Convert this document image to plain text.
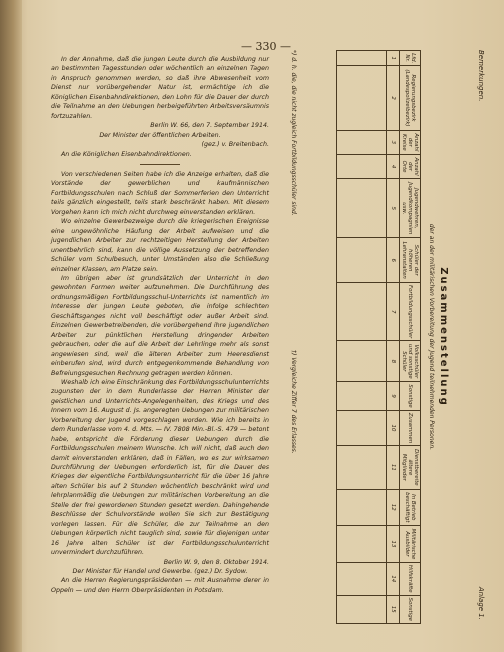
— 330 —

In der Annahme, daß die jungen Leute durch die Ausbildung nur an bestimmten Tagesstunden oder wöchentlich an einzelnen Tagen in Anspruch genommen werden, so daß ihre Abwesenheit vom Dienst nur vorübergehender Natur ist, ermächtige ich die Königlichen Eisenbahndirektionen, den Lohn für die Dauer der durch die Teilnahme an den Uebungen herbeigeführten Arbeitsversäumnis fortzuzahlen.

Berlin W. 66, den 7. September 1914.

Der Minister der öffentlichen Arbeiten.

(gez.) v. Breitenbach.

An die Königlichen Eisenbahndirektionen.

Von verschiedenen Seiten habe ich die Anzeige erhalten, daß die Vorstände der gewerblichen und kaufmännischen Fortbildungsschulen nach Schluß der Sommerferien den Unterricht teils gänzlich eingestellt, teils stark beschränkt haben. Mit diesem Vorgehen kann ich mich nicht durchweg einverstanden erklären.

Wo einzelne Gewerbezweige durch die kriegerischen Ereignisse eine ungewöhnliche Häufung der Arbeit aufweisen und die jugendlichen Arbeiter zur rechtzeitigen Herstellung der Arbeiten unentbehrlich sind, kann die völlige Aussetzung der betreffenden Schüler vom Schulbesuch, unter Umständen also die Schließung einzelner Klassen, am Platze sein.

Im übrigen aber ist grundsätzlich der Unterricht in den gewohnten Formen weiter aufzunehmen. Die Durchführung des ordnungsmäßigen Fortbildungsschul-Unterrichts ist namentlich im Interesse der jungen Leute geboten, die infolge schlechten Geschäftsganges nicht voll beschäftigt oder außer Arbeit sind. Einzelnen Gewerbetreibenden, die vorübergehend ihre jugendlichen Arbeiter zur pünktlichen Herstellung dringender Arbeiten gebrauchen, oder die auf die Arbeit der Lehrlinge mehr als sonst angewiesen sind, weil die älteren Arbeiter zum Heeresdienst einberufen sind, wird durch entgegenkommende Behandlung von Befreiungsgesuchen Rechnung getragen werden können.

Weshalb ich eine Einschränkung des Fortbildungsschulunterrichts zugunsten der in dem Runderlasse der Herren Minister der geistlichen und Unterrichts-Angelegenheiten, des Kriegs und des Innern vom 16. August d. Js. angeregten Uebungen zur militärischen Vorbereitung der Jugend vorgeschlagen worden. Wie ich bereits in dem Runderlasse vom 4. d. Mts. — IV. 7808 Min.-Bl.-S. 479 — betont habe, entspricht die Förderung dieser Uebungen durch die Fortbildungsschulen meinem Wunsche. Ich will nicht, daß auch den damit einverstanden erklären, daß in Fällen, wo es zur wirksamen Durchführung der Uebungen erforderlich ist, für die Dauer des Krieges der eigentliche Fortbildungsunterricht für die über 16 Jahre alten Schüler bis auf 2 Stunden wöchentlich beschränkt wird und lehrplanmäßig die Uebungen zur militärischen Vorbereitung an die Stelle der frei gewordenen Stunden gesetzt werden. Dahingehende Beschlüsse der Schulvorstände wollen Sie sich zur Bestätigung vorlegen lassen. Für die Schüler, die zur Teilnahme an den Uebungen körperlich nicht tauglich sind, sowie für diejenigen unter 16 Jahre alten Schüler ist der Fortbildungsschulunterricht unvermindert durchzuführen.

Berlin W. 9, den 8. Oktober 1914.

Der Minister für Handel und Gewerbe. (gez.) Dr. Sydow.

An die Herren Regierungspräsidenten — mit Ausnahme derer in Oppeln — und den Herrn Oberpräsidenten in Potsdam.

Bemerkungen.
Anlage 1.
Zusammenstellung
der an der militärischen Vorbereitung der Jugend teilnehmenden Personen.
Lfd. Nr.	Regierungsbezirk (Landespolizeibezirk)	Anzahl der Kreise	Anzahl der Orte	Jugendwehren, Jugendkompagnien usw.	Schüler der höheren Lehranstalten	Fortbildungsschüler	Volksschüler und sonstige Schüler	Sonstige	Zusammen	Dienstbereite ältere Mitglieder	In Betrieb beschäftigt	Militärische Ausbilder	Hilfskräfte	Sonstige
1	2	3	4	5	6	7	8	9	10	11	12	13	14	15

*) d. h. die, die nicht zugleich Fortbildungsschüler sind.
†) Vergleiche Ziffer 7 des Erlasses.
